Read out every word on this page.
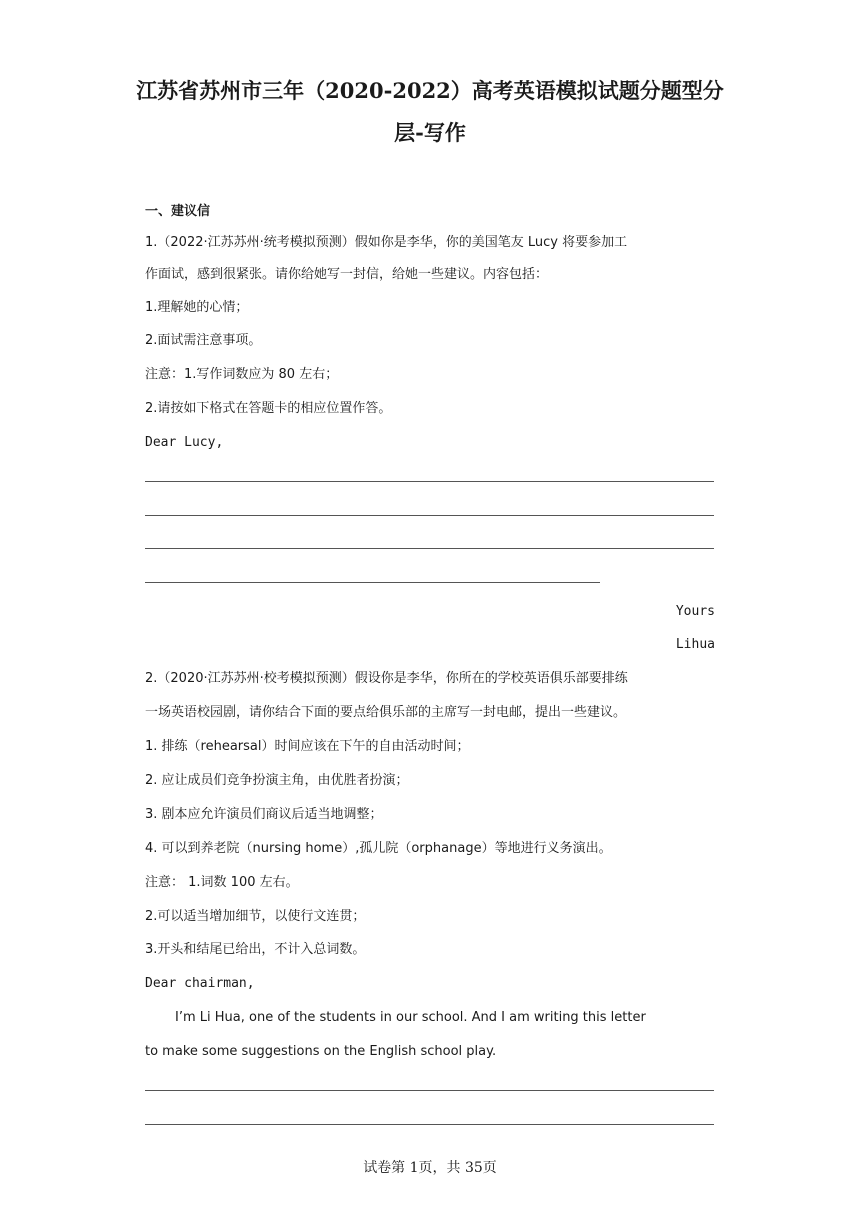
江苏省苏州市三年（2020-2022）高考英语模拟试题分题型分
层-写作
一、建议信
1.（2022·江苏苏州·统考模拟预测）假如你是李华，你的美国笔友 Lucy 将要参加工
作面试，感到很紧张。请你给她写一封信，给她一些建议。内容包括：
1.理解她的心情；
2.面试需注意事项。
注意：1.写作词数应为 80 左右；
2.请按如下格式在答题卡的相应位置作答。
Dear Lucy,
Yours
Lihua
2.（2020·江苏苏州·校考模拟预测）假设你是李华，你所在的学校英语俱乐部要排练
一场英语校园剧，请你结合下面的要点给俱乐部的主席写一封电邮，提出一些建议。
1. 排练（rehearsal）时间应该在下午的自由活动时间；
2. 应让成员们竞争扮演主角，由优胜者扮演；
3. 剧本应允许演员们商议后适当地调整；
4. 可以到养老院（nursing home）,孤儿院（orphanage）等地进行义务演出。
注意： 1.词数 100 左右。
2.可以适当增加细节，以使行文连贯；
3.开头和结尾已给出，不计入总词数。
Dear chairman,
I’m Li Hua, one of the students in our school. And I am writing this letter
to make some suggestions on the English school play.
试卷第 1页，共 35页
